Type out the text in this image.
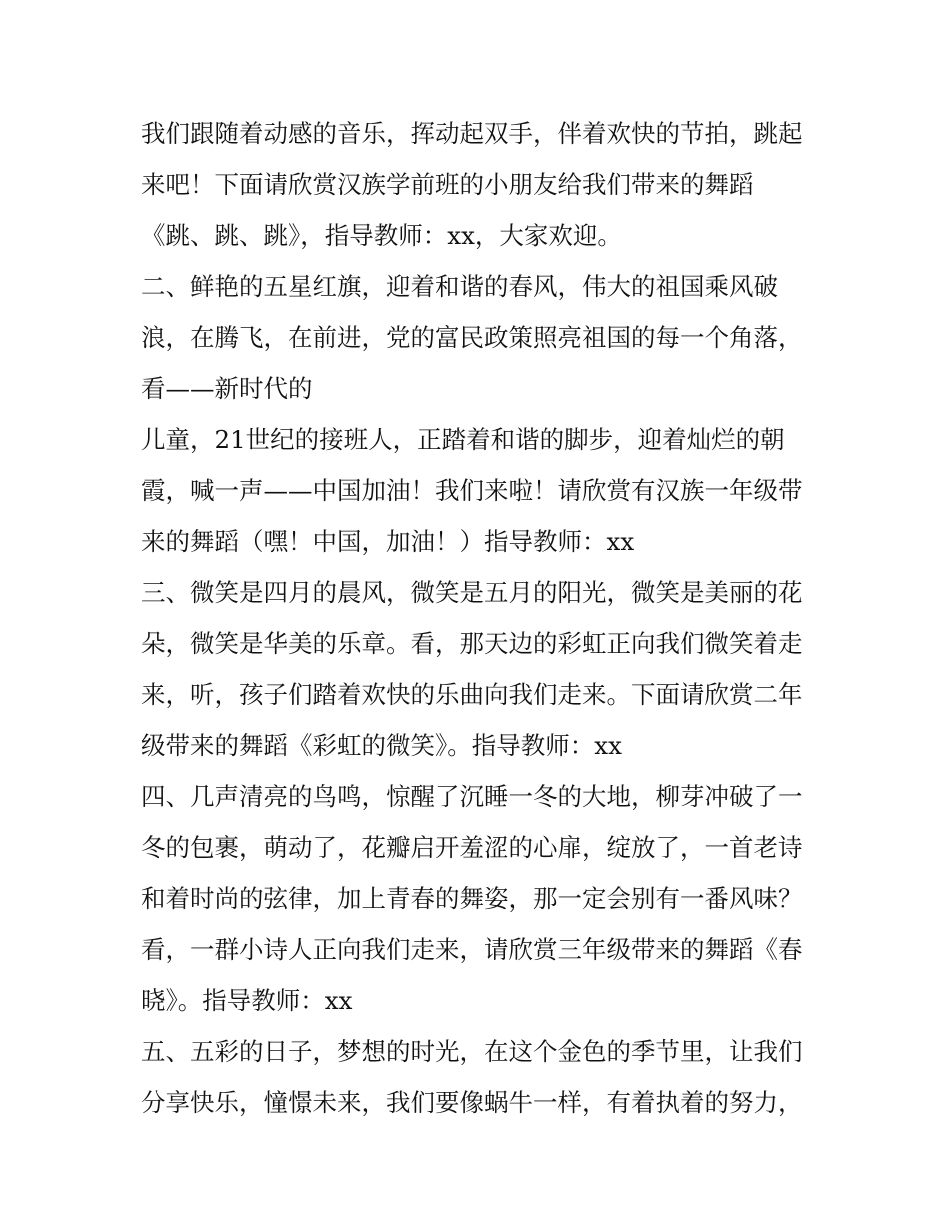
我们跟随着动感的音乐，挥动起双手，伴着欢快的节拍，跳起
来吧！下面请欣赏汉族学前班的小朋友给我们带来的舞蹈
《跳、跳、跳》，指导教师：xx，大家欢迎。
二、鲜艳的五星红旗，迎着和谐的春风，伟大的祖国乘风破
浪，在腾飞，在前进，党的富民政策照亮祖国的每一个角落，
看——新时代的
儿童，21世纪的接班人，正踏着和谐的脚步，迎着灿烂的朝
霞，喊一声——中国加油！我们来啦！请欣赏有汉族一年级带
来的舞蹈（嘿！中国，加油！）指导教师：xx
三、微笑是四月的晨风，微笑是五月的阳光，微笑是美丽的花
朵，微笑是华美的乐章。看，那天边的彩虹正向我们微笑着走
来，听，孩子们踏着欢快的乐曲向我们走来。下面请欣赏二年
级带来的舞蹈《彩虹的微笑》。指导教师：xx
四、几声清亮的鸟鸣，惊醒了沉睡一冬的大地，柳芽冲破了一
冬的包裹，萌动了，花瓣启开羞涩的心扉，绽放了，一首老诗
和着时尚的弦律，加上青春的舞姿，那一定会别有一番风味？
看，一群小诗人正向我们走来，请欣赏三年级带来的舞蹈《春
晓》。指导教师：xx
五、五彩的日子，梦想的时光，在这个金色的季节里，让我们
分享快乐，憧憬未来，我们要像蜗牛一样，有着执着的努力，
